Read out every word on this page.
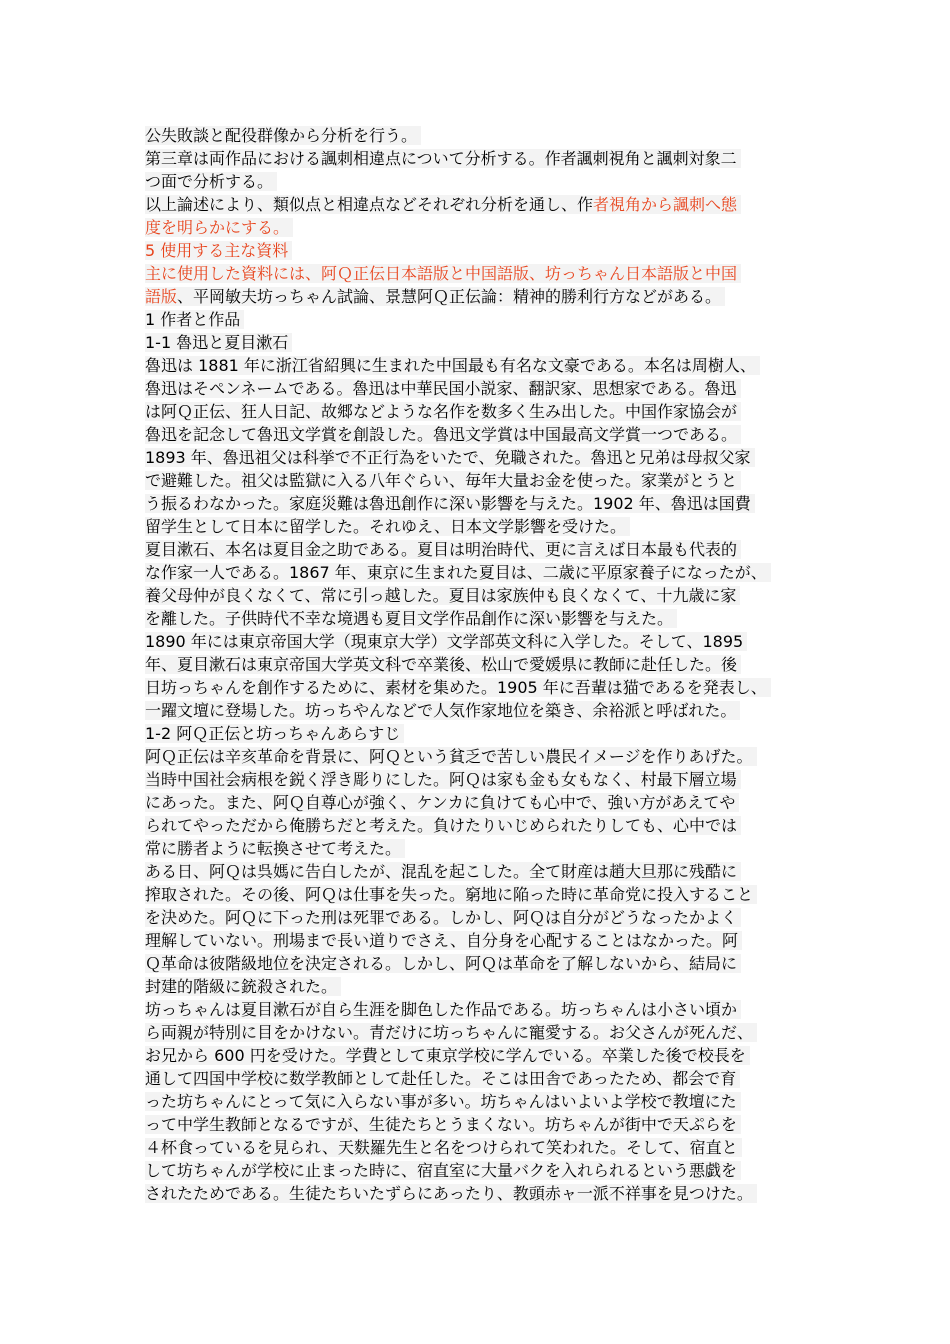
公失敗談と配役群像から分析を行う。
第三章は両作品における諷刺相違点について分析する。作者諷刺視角と諷刺対象二
つ面で分析する。
以上論述により、類似点と相違点などそれぞれ分析を通し、作者視角から諷刺へ態
度を明らかにする。
5 使用する主な資料
主に使用した資料には、阿Ｑ正伝日本語版と中国語版、坊っちゃん日本語版と中国
語版、平岡敏夫坊っちゃん試論、景慧阿Ｑ正伝論：精神的勝利行方などがある。
1 作者と作品
1-1 魯迅と夏目漱石
魯迅は 1881 年に浙江省紹興に生まれた中国最も有名な文豪である。本名は周樹人、
魯迅はそペンネームである。魯迅は中華民国小説家、翻訳家、思想家である。魯迅
は阿Ｑ正伝、狂人日記、故郷などような名作を数多く生み出した。中国作家協会が
魯迅を記念して魯迅文学賞を創設した。魯迅文学賞は中国最高文学賞一つである。
1893 年、魯迅祖父は科挙で不正行為をいたで、免職された。魯迅と兄弟は母叔父家
で避難した。祖父は監獄に入る八年ぐらい、毎年大量お金を使った。家業がとうと
う振るわなかった。家庭災難は魯迅創作に深い影響を与えた。1902 年、魯迅は国費
留学生として日本に留学した。それゆえ、日本文学影響を受けた。
夏目漱石、本名は夏目金之助である。夏目は明治時代、更に言えば日本最も代表的
な作家一人である。1867 年、東京に生まれた夏目は、二歳に平原家養子になったが、
養父母仲が良くなくて、常に引っ越した。夏目は家族仲も良くなくて、十九歳に家
を離した。子供時代不幸な境遇も夏目文学作品創作に深い影響を与えた。
1890 年には東京帝国大学（現東京大学）文学部英文科に入学した。そして、1895
年、夏目漱石は東京帝国大学英文科で卒業後、松山で愛媛県に教師に赴任した。後
日坊っちゃんを創作するために、素材を集めた。1905 年に吾輩は猫であるを発表し、
一躍文壇に登場した。坊っちやんなどで人気作家地位を築き、余裕派と呼ばれた。
1-2 阿Ｑ正伝と坊っちゃんあらすじ
阿Ｑ正伝は辛亥革命を背景に、阿Ｑという貧乏で苦しい農民イメージを作りあげた。
当時中国社会病根を鋭く浮き彫りにした。阿Ｑは家も金も女もなく、村最下層立場
にあった。また、阿Ｑ自尊心が強く、ケンカに負けても心中で、強い方があえてや
られてやっただから俺勝ちだと考えた。負けたりいじめられたりしても、心中では
常に勝者ように転換させて考えた。
ある日、阿Ｑは呉媽に告白したが、混乱を起こした。全て財産は趙大旦那に残酷に
搾取された。その後、阿Ｑは仕事を失った。窮地に陥った時に革命党に投入すること
を決めた。阿Ｑに下った刑は死罪である。しかし、阿Ｑは自分がどうなったかよく
理解していない。刑場まで長い道りでさえ、自分身を心配することはなかった。阿
Ｑ革命は彼階級地位を決定される。しかし、阿Ｑは革命を了解しないから、結局に
封建的階級に銃殺された。
坊っちゃんは夏目漱石が自ら生涯を脚色した作品である。坊っちゃんは小さい頃か
ら両親が特別に目をかけない。青だけに坊っちゃんに寵愛する。お父さんが死んだ、
お兄から 600 円を受けた。学費として東京学校に学んでいる。卒業した後で校長を
通して四国中学校に数学教師として赴任した。そこは田舎であったため、都会で育
った坊ちゃんにとって気に入らない事が多い。坊ちゃんはいよいよ学校で教壇にた
って中学生教師となるですが、生徒たちとうまくない。坊ちゃんが街中で天ぷらを
４杯食っているを見られ、天麩羅先生と名をつけられて笑われた。そして、宿直と
して坊ちゃんが学校に止まった時に、宿直室に大量バクを入れられるという悪戯を
されたためである。生徒たちいたずらにあったり、教頭赤ャ一派不祥事を見つけた。
